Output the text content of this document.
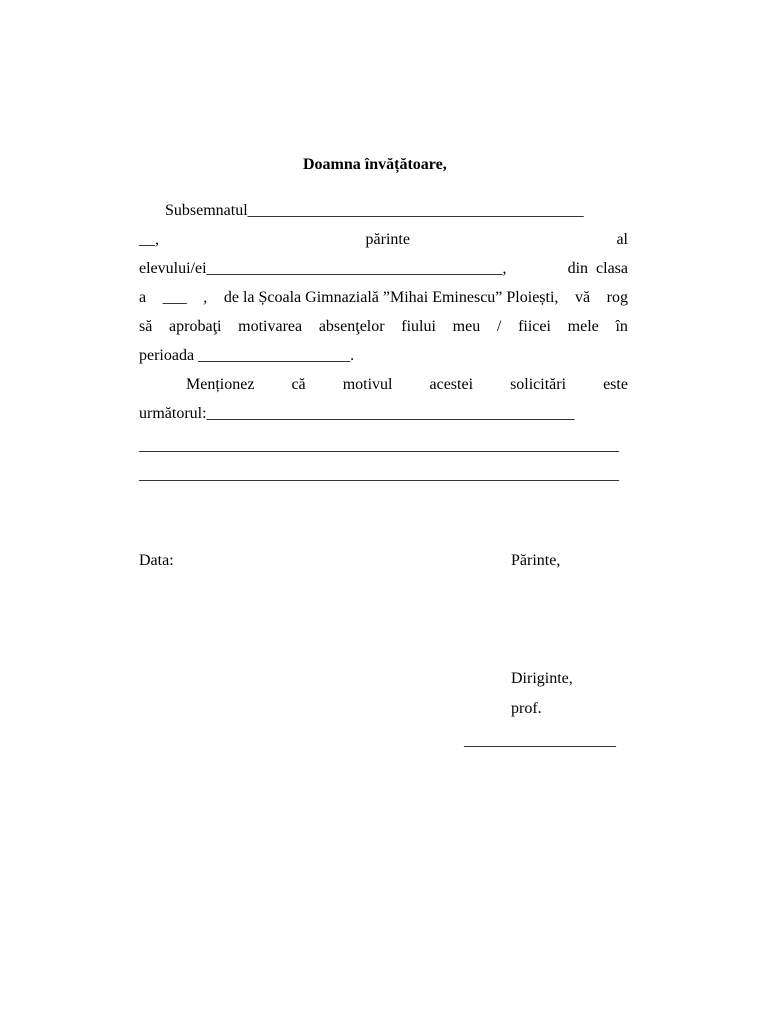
Doamna învățătoare,
Subsemnatul__________________________________________
__,	părinte	al
elevului/ei_____________________________________,	din clasa
a ___ , de la Școala Gimnazială ”Mihai Eminescu” Ploiești, vă rog
să aprobaţi motivarea absenţelor fiului meu / fiicei mele în
perioada ___________________.
Menționez că motivul acestei solicitări este
următorul:______________________________________________
____________________________________________________________
____________________________________________________________
Data:	Părinte,
Diriginte,
prof.
___________________
